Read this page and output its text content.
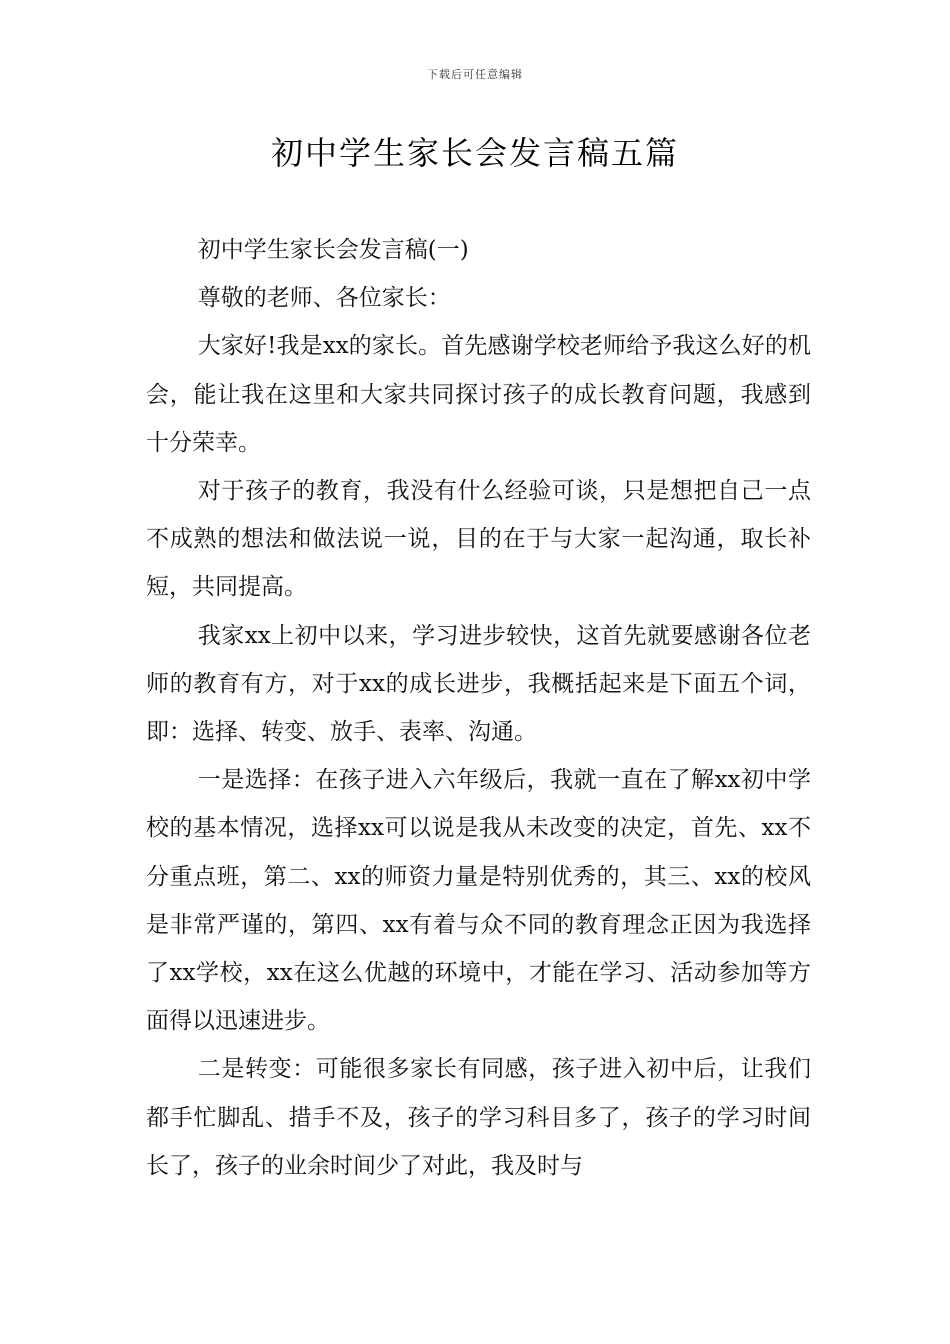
下载后可任意编辑
初中学生家长会发言稿五篇

初中学生家长会发言稿(一)

尊敬的老师、各位家长：

大家好!我是xx的家长。首先感谢学校老师给予我这么好的机会，能让我在这里和大家共同探讨孩子的成长教育问题，我感到十分荣幸。

对于孩子的教育，我没有什么经验可谈，只是想把自己一点不成熟的想法和做法说一说，目的在于与大家一起沟通，取长补短，共同提高。

我家xx上初中以来，学习进步较快，这首先就要感谢各位老师的教育有方，对于xx的成长进步，我概括起来是下面五个词，即：选择、转变、放手、表率、沟通。

一是选择：在孩子进入六年级后，我就一直在了解xx初中学校的基本情况，选择xx可以说是我从未改变的决定，首先、xx不分重点班，第二、xx的师资力量是特别优秀的，其三、xx的校风是非常严谨的，第四、xx有着与众不同的教育理念正因为我选择了xx学校，xx在这么优越的环境中，才能在学习、活动参加等方面得以迅速进步。

二是转变：可能很多家长有同感，孩子进入初中后，让我们都手忙脚乱、措手不及，孩子的学习科目多了，孩子的学习时间长了，孩子的业余时间少了对此，我及时与
